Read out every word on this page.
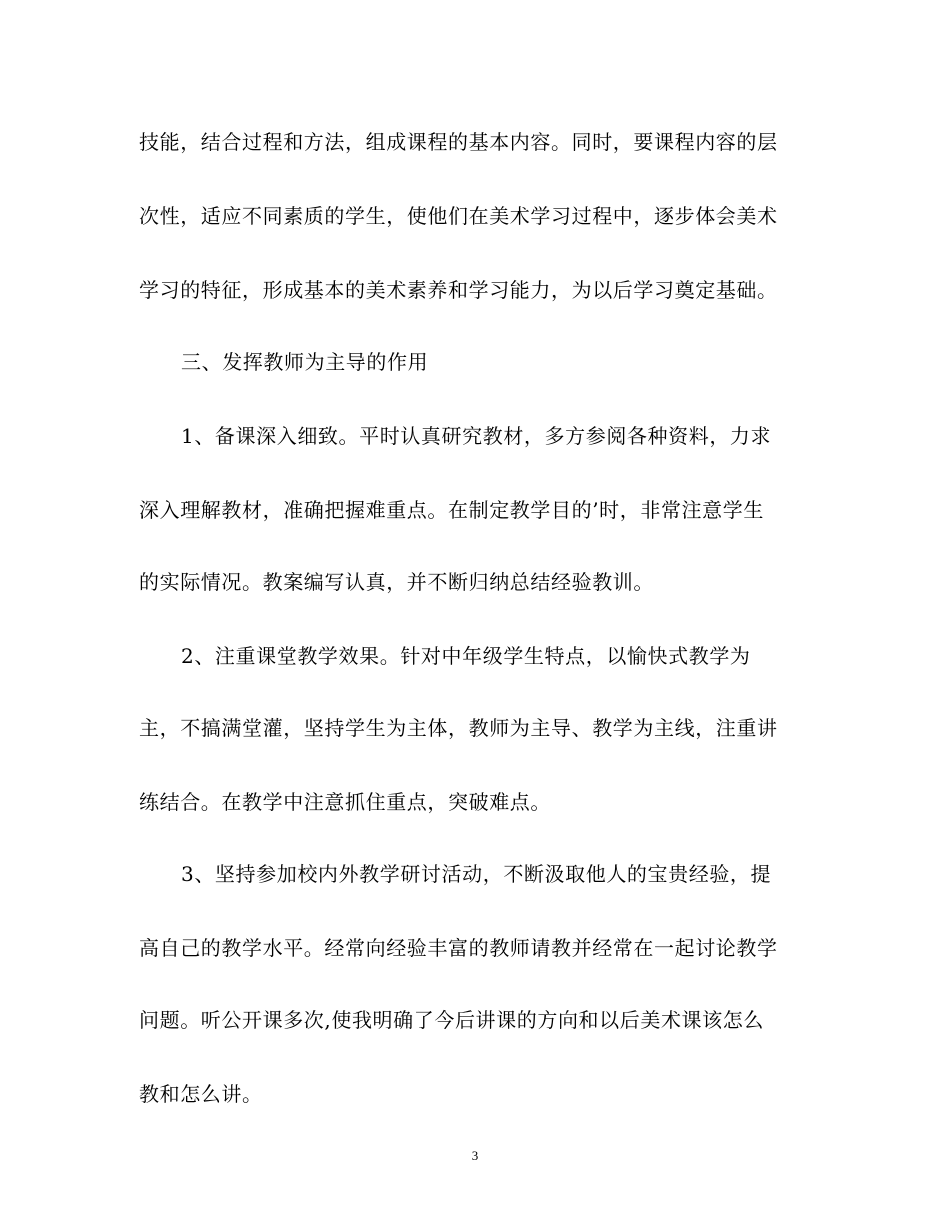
技能，结合过程和方法，组成课程的基本内容。同时，要课程内容的层
次性，适应不同素质的学生，使他们在美术学习过程中，逐步体会美术
学习的特征，形成基本的美术素养和学习能力，为以后学习奠定基础。
三、发挥教师为主导的作用
1、备课深入细致。平时认真研究教材，多方参阅各种资料，力求
深入理解教材，准确把握难重点。在制定教学目的’时，非常注意学生
的实际情况。教案编写认真，并不断归纳总结经验教训。
2、注重课堂教学效果。针对中年级学生特点，以愉快式教学为
主，不搞满堂灌，坚持学生为主体，教师为主导、教学为主线，注重讲
练结合。在教学中注意抓住重点，突破难点。
3、坚持参加校内外教学研讨活动，不断汲取他人的宝贵经验，提
高自己的教学水平。经常向经验丰富的教师请教并经常在一起讨论教学
问题。听公开课多次,使我明确了今后讲课的方向和以后美术课该怎么
教和怎么讲。
3
